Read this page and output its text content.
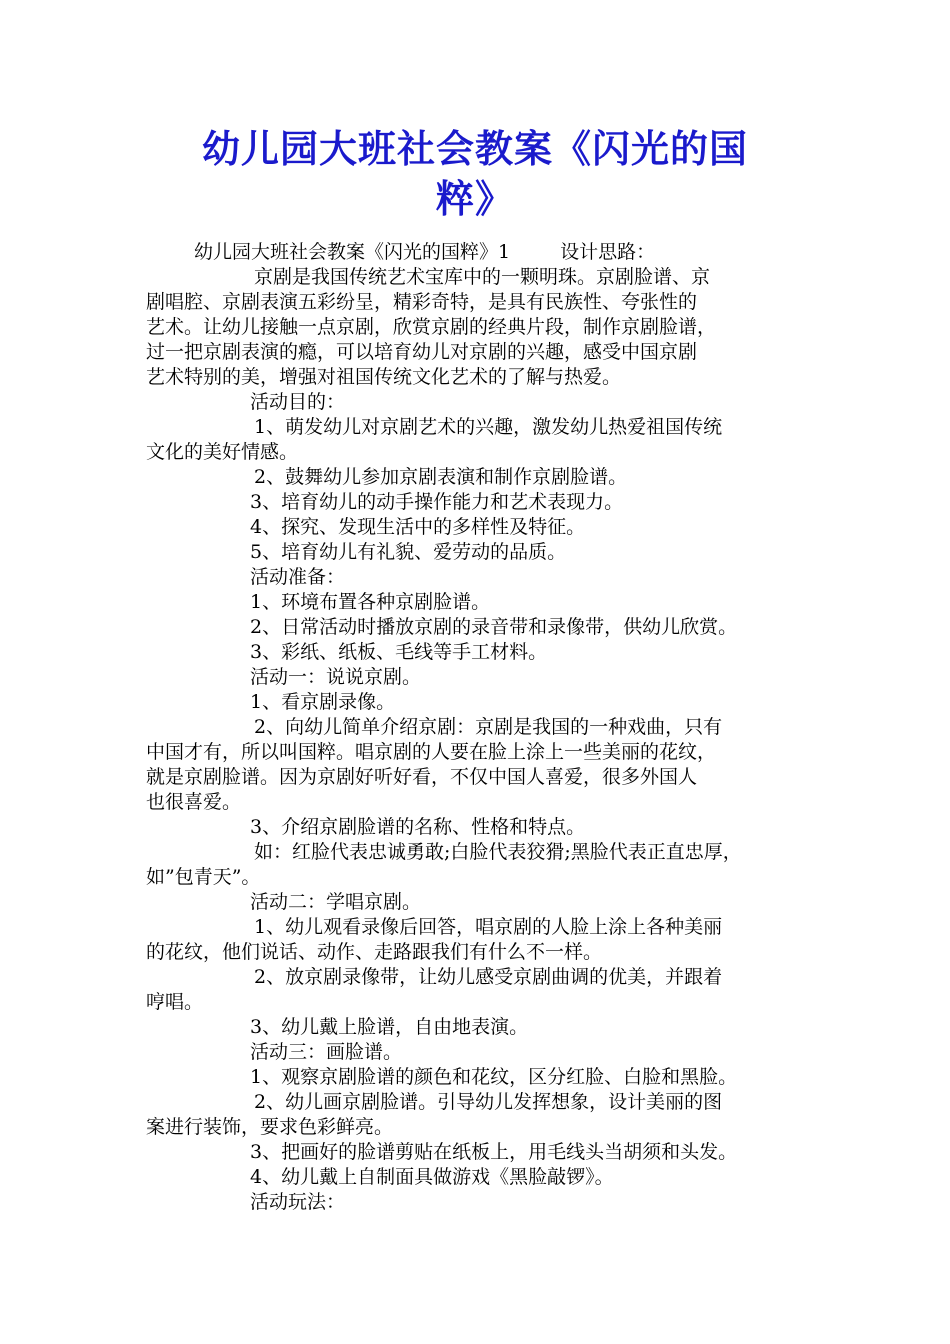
幼儿园大班社会教案《闪光的国
粹》
幼儿园大班社会教案《闪光的国粹》1	设计思路：
京剧是我国传统艺术宝库中的一颗明珠。京剧脸谱、京
剧唱腔、京剧表演五彩纷呈，精彩奇特，是具有民族性、夸张性的
艺术。让幼儿接触一点京剧，欣赏京剧的经典片段，制作京剧脸谱，
过一把京剧表演的瘾，可以培育幼儿对京剧的兴趣，感受中国京剧
艺术特别的美，增强对祖国传统文化艺术的了解与热爱。
活动目的：
1、萌发幼儿对京剧艺术的兴趣，激发幼儿热爱祖国传统
文化的美好情感。
2、鼓舞幼儿参加京剧表演和制作京剧脸谱。
3、培育幼儿的动手操作能力和艺术表现力。
4、探究、发现生活中的多样性及特征。
5、培育幼儿有礼貌、爱劳动的品质。
活动准备：
1、环境布置各种京剧脸谱。
2、日常活动时播放京剧的录音带和录像带，供幼儿欣赏。
3、彩纸、纸板、毛线等手工材料。
活动一：说说京剧。
1、看京剧录像。
2、向幼儿简单介绍京剧：京剧是我国的一种戏曲，只有
中国才有，所以叫国粹。唱京剧的人要在脸上涂上一些美丽的花纹，
就是京剧脸谱。因为京剧好听好看，不仅中国人喜爱，很多外国人
也很喜爱。
3、介绍京剧脸谱的名称、性格和特点。
如：红脸代表忠诚勇敢;白脸代表狡猾;黑脸代表正直忠厚，
如”包青天”。
活动二：学唱京剧。
1、幼儿观看录像后回答，唱京剧的人脸上涂上各种美丽
的花纹，他们说话、动作、走路跟我们有什么不一样。
2、放京剧录像带，让幼儿感受京剧曲调的优美，并跟着
哼唱。
3、幼儿戴上脸谱，自由地表演。
活动三：画脸谱。
1、观察京剧脸谱的颜色和花纹，区分红脸、白脸和黑脸。
2、幼儿画京剧脸谱。引导幼儿发挥想象，设计美丽的图
案进行装饰，要求色彩鲜亮。
3、把画好的脸谱剪贴在纸板上，用毛线头当胡须和头发。
4、幼儿戴上自制面具做游戏《黑脸敲锣》。
活动玩法：
